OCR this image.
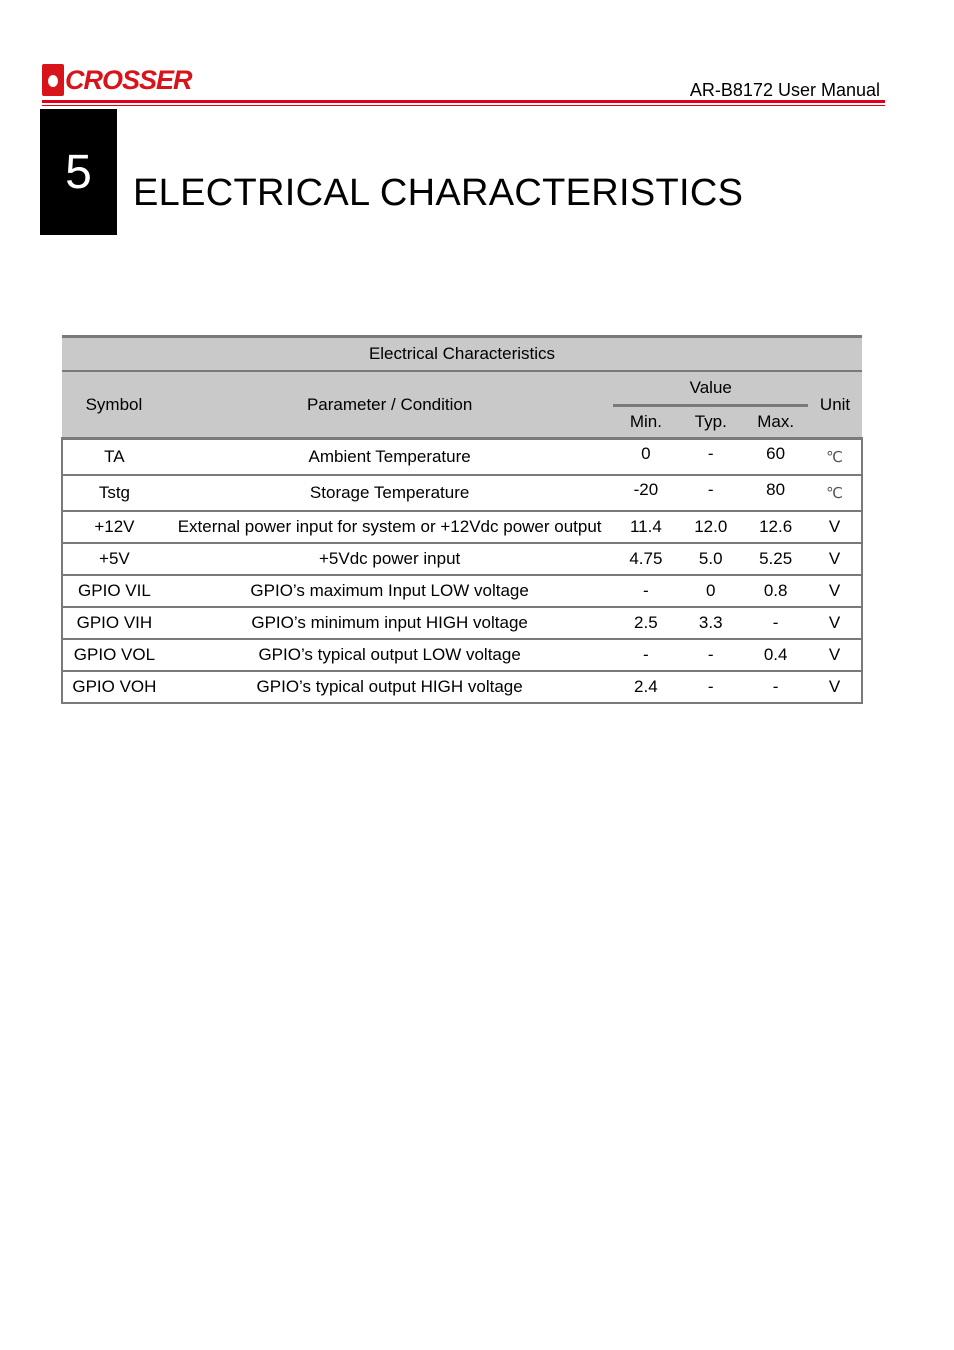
CROSSER	AR-B8172 User Manual
5	ELECTRICAL CHARACTERISTICS
Electrical Characteristics					
Symbol	Parameter / Condition	Value			Unit
		Min.	Typ.	Max.	
TA	Ambient Temperature	0	-	60	℃
Tstg	Storage Temperature	-20	-	80	℃
+12V	External power input for system or +12Vdc power output	11.4	12.0	12.6	V
+5V	+5Vdc power input	4.75	5.0	5.25	V
GPIO VIL	GPIO’s maximum Input LOW voltage	-	0	0.8	V
GPIO VIH	GPIO’s minimum input HIGH voltage	2.5	3.3	-	V
GPIO VOL	GPIO’s typical output LOW voltage	-	-	0.4	V
GPIO VOH	GPIO’s typical output HIGH voltage	2.4	-	-	V
